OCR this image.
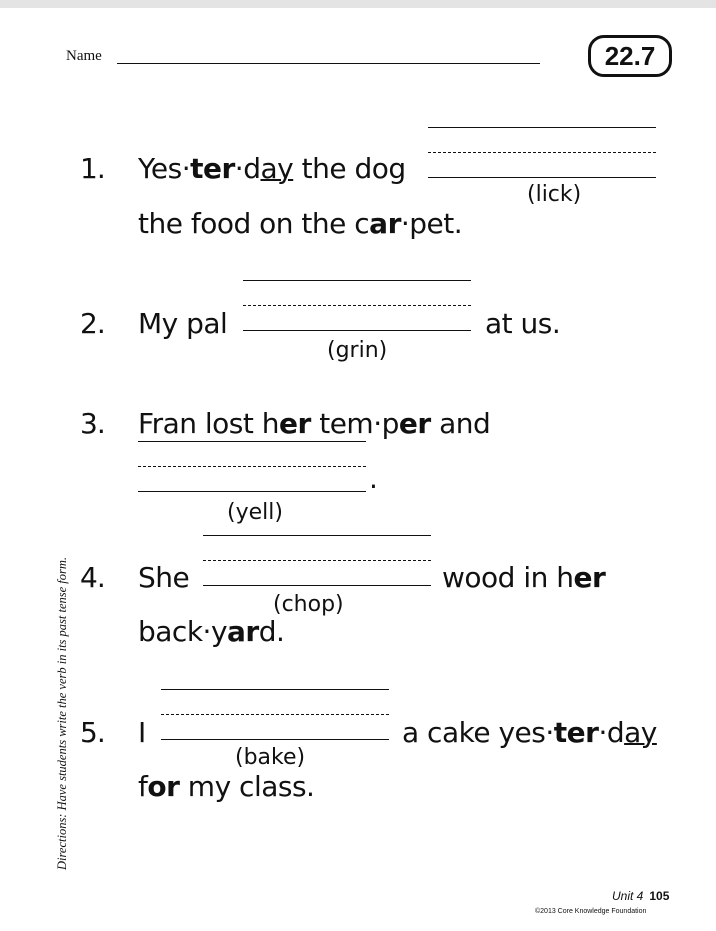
Name	22.7
Directions: Have students write the verb in its past tense form.
1. Yes·ter·day the dog
(lick)
the food on the car·pet.
2. My pal	at us.
(grin)
3. Fran lost her tem·per and
.
(yell)
4. She	wood in her
(chop)
back·yard.
5. I	a cake yes·ter·day
(bake)
for my class.
Unit 4 105
©2013 Core Knowledge Foundation
